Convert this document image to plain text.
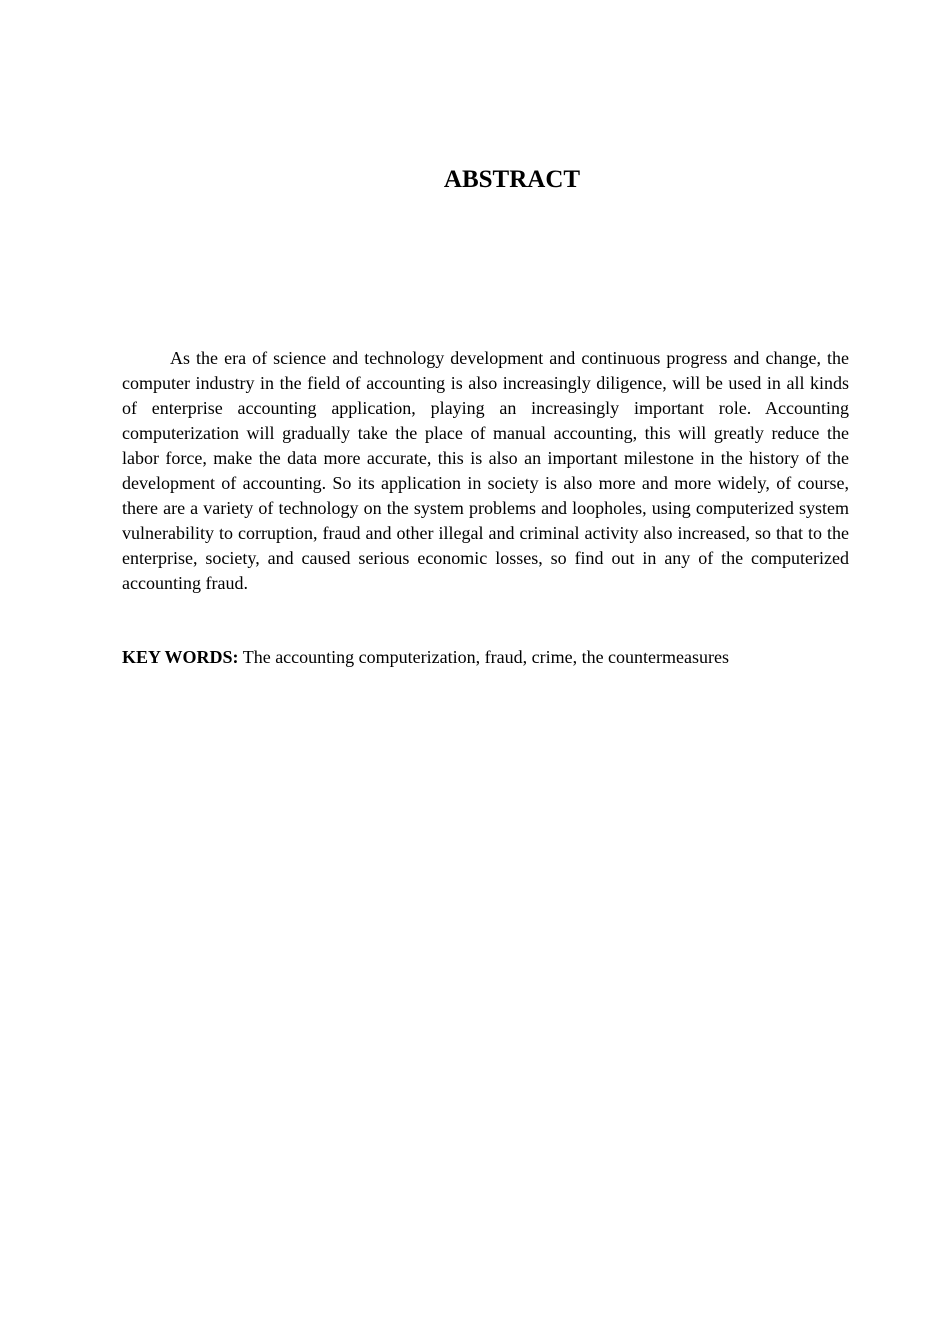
ABSTRACT

As the era of science and technology development and continuous progress and change, the computer industry in the field of accounting is also increasingly diligence, will be used in all kinds of enterprise accounting application, playing an increasingly important role. Accounting computerization will gradually take the place of manual accounting, this will greatly reduce the labor force, make the data more accurate, this is also an important milestone in the history of the development of accounting. So its application in society is also more and more widely, of course, there are a variety of technology on the system problems and loopholes, using computerized system vulnerability to corruption, fraud and other illegal and criminal activity also increased, so that to the enterprise, society, and caused serious economic losses, so find out in any of the computerized accounting fraud.

KEY WORDS: The accounting computerization, fraud, crime, the countermeasures
